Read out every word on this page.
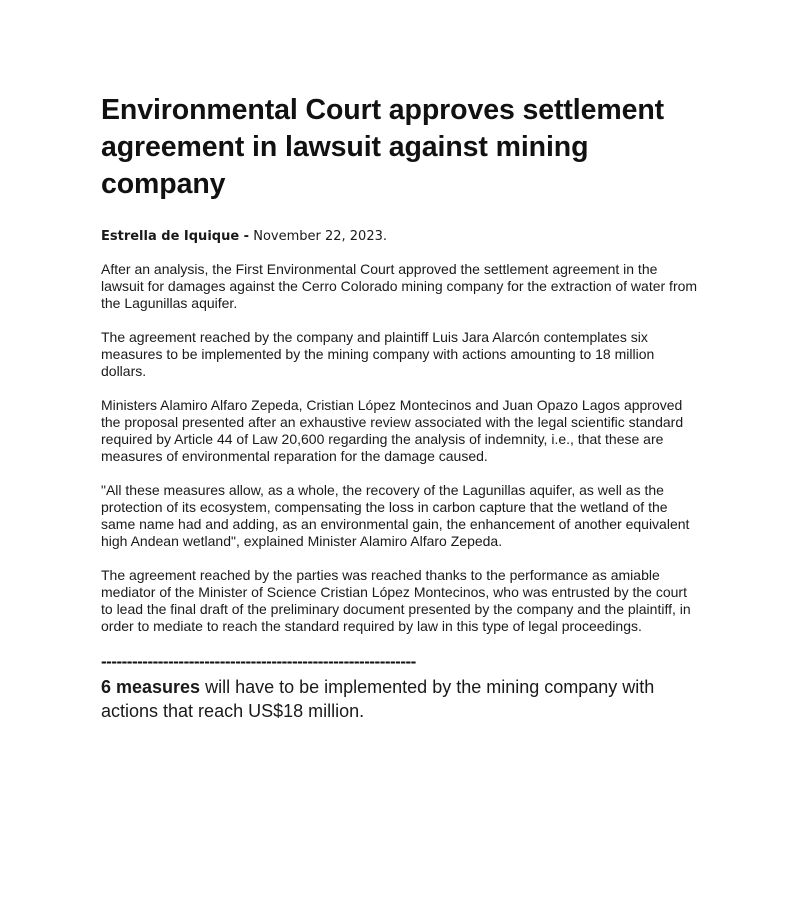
Environmental Court approves settlement agreement in lawsuit against mining company
Estrella de Iquique - November 22, 2023.

After an analysis, the First Environmental Court approved the settlement agreement in the lawsuit for damages against the Cerro Colorado mining company for the extraction of water from the Lagunillas aquifer.

The agreement reached by the company and plaintiff Luis Jara Alarcón contemplates six measures to be implemented by the mining company with actions amounting to 18 million dollars.

Ministers Alamiro Alfaro Zepeda, Cristian López Montecinos and Juan Opazo Lagos approved the proposal presented after an exhaustive review associated with the legal scientific standard required by Article 44 of Law 20,600 regarding the analysis of indemnity, i.e., that these are measures of environmental reparation for the damage caused.

"All these measures allow, as a whole, the recovery of the Lagunillas aquifer, as well as the protection of its ecosystem, compensating the loss in carbon capture that the wetland of the same name had and adding, as an environmental gain, the enhancement of another equivalent high Andean wetland", explained Minister Alamiro Alfaro Zepeda.

The agreement reached by the parties was reached thanks to the performance as amiable mediator of the Minister of Science Cristian López Montecinos, who was entrusted by the court to lead the final draft of the preliminary document presented by the company and the plaintiff, in order to mediate to reach the standard required by law in this type of legal proceedings.

-------------------------------------------------------------
6 measures will have to be implemented by the mining company with actions that reach US$18 million.
